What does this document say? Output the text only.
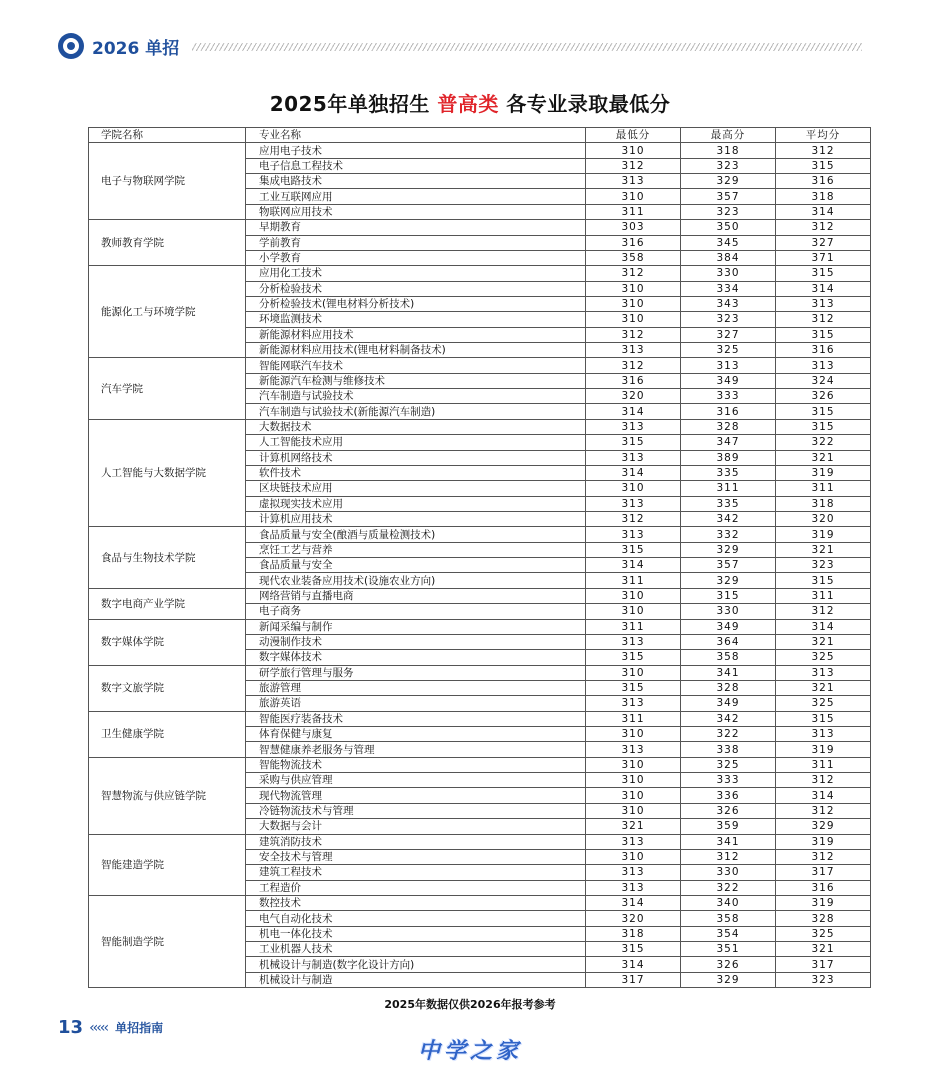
2026 单招
2025年单独招生 普高类 各专业录取最低分
学院名称	专业名称	最低分	最高分	平均分
电子与物联网学院	应用电子技术	310	318	312
	电子信息工程技术	312	323	315
	集成电路技术	313	329	316
	工业互联网应用	310	357	318
	物联网应用技术	311	323	314
教师教育学院	早期教育	303	350	312
	学前教育	316	345	327
	小学教育	358	384	371
能源化工与环境学院	应用化工技术	312	330	315
	分析检验技术	310	334	314
	分析检验技术(锂电材料分析技术)	310	343	313
	环境监测技术	310	323	312
	新能源材料应用技术	312	327	315
	新能源材料应用技术(锂电材料制备技术)	313	325	316
汽车学院	智能网联汽车技术	312	313	313
	新能源汽车检测与维修技术	316	349	324
	汽车制造与试验技术	320	333	326
	汽车制造与试验技术(新能源汽车制造)	314	316	315
人工智能与大数据学院	大数据技术	313	328	315
	人工智能技术应用	315	347	322
	计算机网络技术	313	389	321
	软件技术	314	335	319
	区块链技术应用	310	311	311
	虚拟现实技术应用	313	335	318
	计算机应用技术	312	342	320
食品与生物技术学院	食品质量与安全(酿酒与质量检测技术)	313	332	319
	烹饪工艺与营养	315	329	321
	食品质量与安全	314	357	323
	现代农业装备应用技术(设施农业方向)	311	329	315
数字电商产业学院	网络营销与直播电商	310	315	311
	电子商务	310	330	312
数字媒体学院	新闻采编与制作	311	349	314
	动漫制作技术	313	364	321
	数字媒体技术	315	358	325
数字文旅学院	研学旅行管理与服务	310	341	313
	旅游管理	315	328	321
	旅游英语	313	349	325
卫生健康学院	智能医疗装备技术	311	342	315
	体育保健与康复	310	322	313
	智慧健康养老服务与管理	313	338	319
智慧物流与供应链学院	智能物流技术	310	325	311
	采购与供应管理	310	333	312
	现代物流管理	310	336	314
	冷链物流技术与管理	310	326	312
	大数据与会计	321	359	329
智能建造学院	建筑消防技术	313	341	319
	安全技术与管理	310	312	312
	建筑工程技术	313	330	317
	工程造价	313	322	316
智能制造学院	数控技术	314	340	319
	电气自动化技术	320	358	328
	机电一体化技术	318	354	325
	工业机器人技术	315	351	321
	机械设计与制造(数字化设计方向)	314	326	317
	机械设计与制造	317	329	323
2025年数据仅供2026年报考参考
13 ‹‹‹‹‹ 单招指南
中学之家
